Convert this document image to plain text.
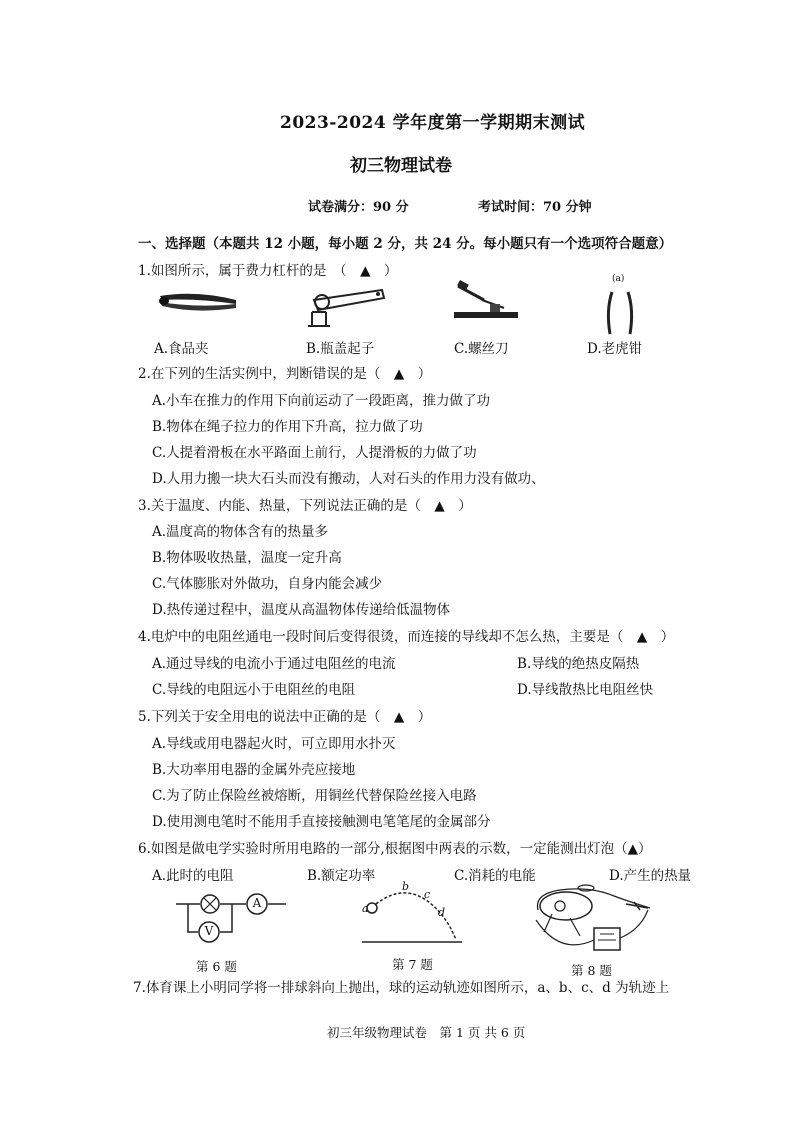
2023-2024 学年度第一学期期末测试
初三物理试卷
试卷满分：90 分	考试时间：70 分钟
一、选择题（本题共 12 小题，每小题 2 分，共 24 分。每小题只有一个选项符合题意）
1.如图所示，属于费力杠杆的是　（　▲　）	(a)
A.食品夹	B.瓶盖起子	C.螺丝刀	D.老虎钳
2.在下列的生活实例中，判断错误的是（　▲　）
A.小车在推力的作用下向前运动了一段距离，推力做了功
B.物体在绳子拉力的作用下升高，拉力做了功
C.人提着滑板在水平路面上前行，人提滑板的力做了功
D.人用力搬一块大石头而没有搬动，人对石头的作用力没有做功、
3.关于温度、内能、热量，下列说法正确的是（　▲　）
A.温度高的物体含有的热量多
B.物体吸收热量，温度一定升高
C.气体膨胀对外做功，自身内能会减少
D.热传递过程中，温度从高温物体传递给低温物体
4.电炉中的电阻丝通电一段时间后变得很烫，而连接的导线却不怎么热，主要是（　▲　）
A.通过导线的电流小于通过电阻丝的电流	B.导线的绝热皮隔热
C.导线的电阻远小于电阻丝的电阻	D.导线散热比电阻丝快
5.下列关于安全用电的说法中正确的是（　▲　）
A.导线或用电器起火时，可立即用水扑灭
B.大功率用电器的金属外壳应接地
C.为了防止保险丝被熔断，用铜丝代替保险丝接入电路
D.使用测电笔时不能用手直接接触测电笔笔尾的金属部分
6.如图是做电学实验时所用电路的一部分,根据图中两表的示数，一定能测出灯泡（▲）
A.此时的电阻	B.额定功率	C.消耗的电能	D.产生的热量
A
V
第 6 题
a
b
c
d
第 7 题	第 8 题
7.体育课上小明同学将一排球斜向上抛出，球的运动轨迹如图所示，a、b、c、d 为轨迹上
初三年级物理试卷　第 1 页 共 6 页
